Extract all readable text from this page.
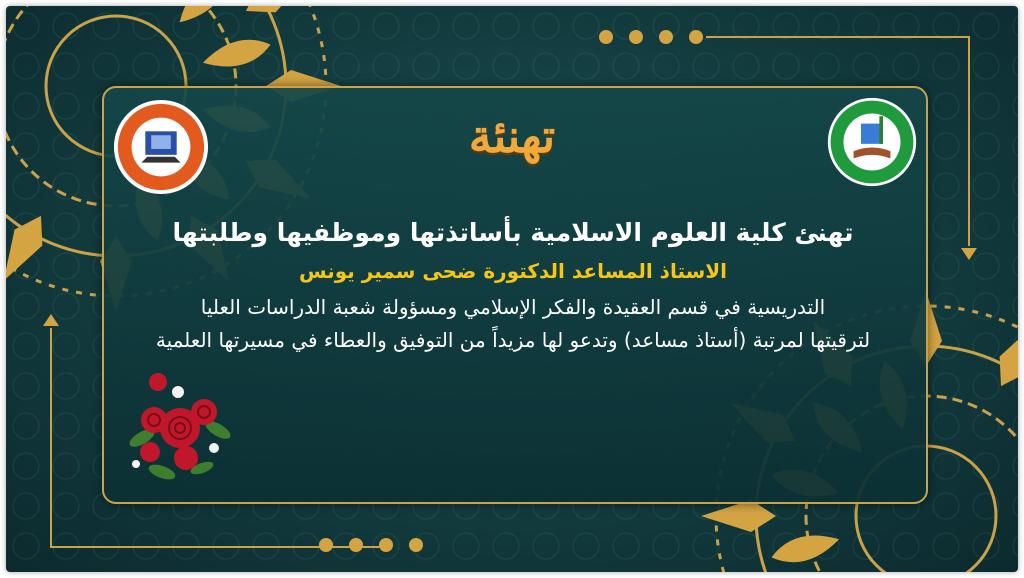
تهنئة
تهنئ كلية العلوم الاسلامية بأساتذتها وموظفيها وطلبتها
الاستاذ المساعد الدكتورة ضحى سمير يونس
التدريسية في قسم العقيدة والفكر الإسلامي ومسؤولة شعبة الدراسات العليا
لترقيتها لمرتبة (أستاذ مساعد) وتدعو لها مزيداً من التوفيق والعطاء في مسيرتها العلمية
